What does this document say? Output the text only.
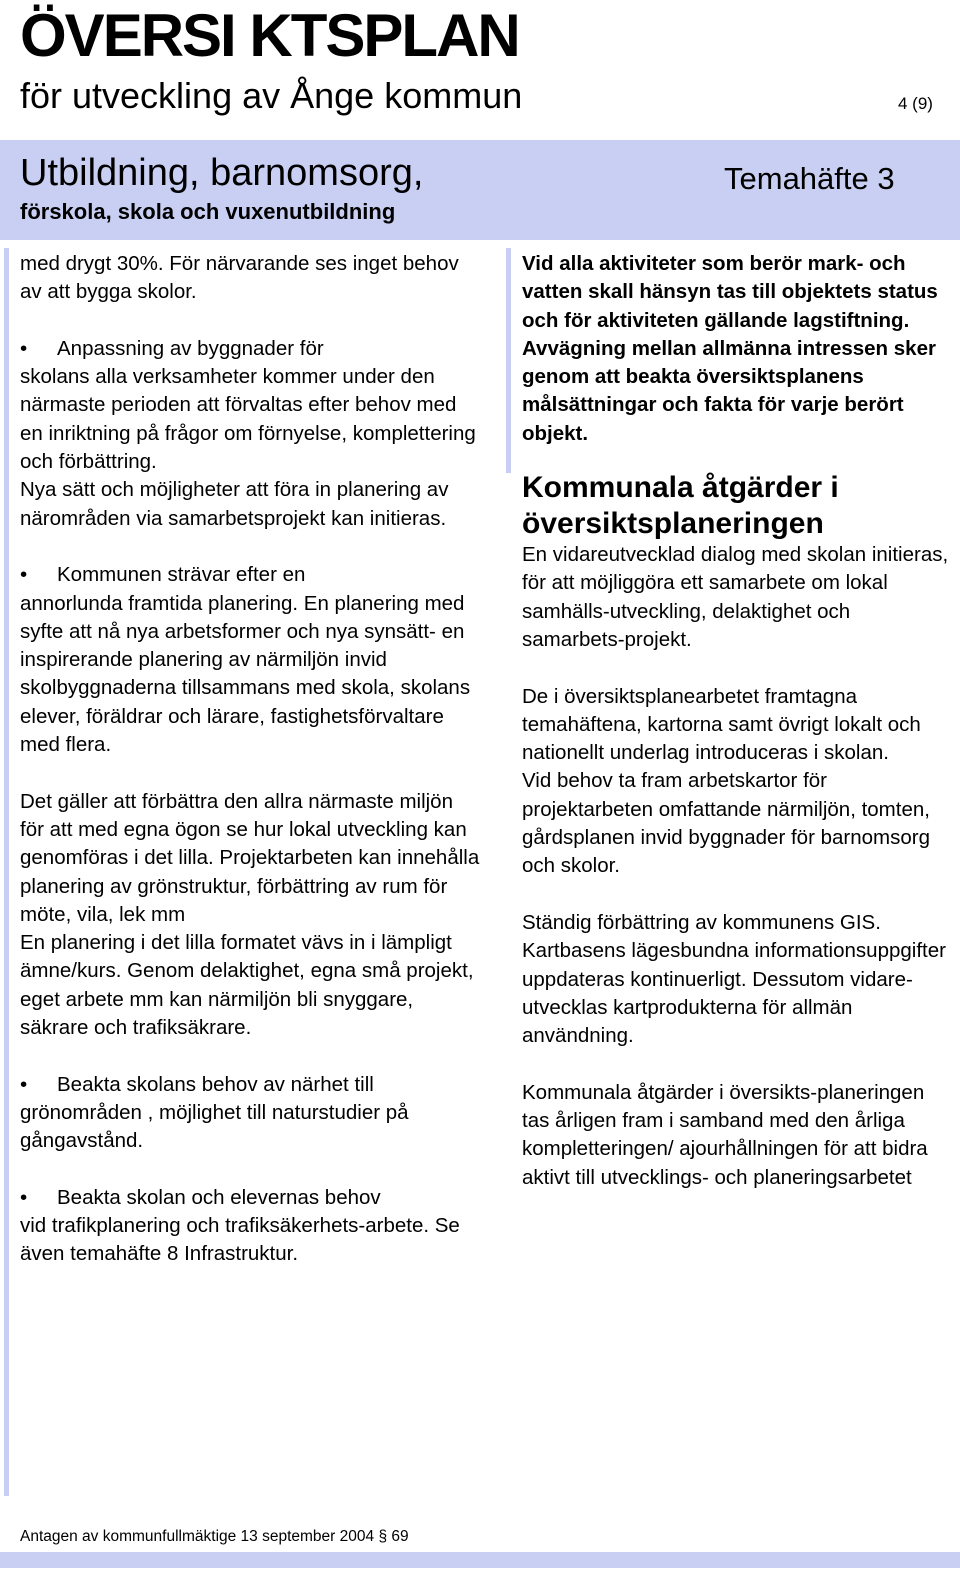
ÖVERSI KTSPLAN
för utveckling av Ånge kommun	4 (9)
Utbildning, barnomsorg,	Temahäfte 3
förskola, skola och vuxenutbildning

med drygt 30%. För närvarande ses inget behov av att bygga skolor.

• Anpassning av byggnader för

skolans alla verksamheter kommer under den närmaste perioden att förvaltas efter behov med en inriktning på frågor om förnyelse, komplettering och förbättring.

Nya sätt och möjligheter att föra in planering av närområden via samarbetsprojekt kan initieras.

• Kommunen strävar efter en

annorlunda framtida planering. En planering med syfte att nå nya arbetsformer och nya synsätt- en inspirerande planering av närmiljön invid skolbyggnaderna tillsammans med skola, skolans elever, föräldrar och lärare, fastighetsförvaltare med flera.

Det gäller att förbättra den allra närmaste miljön för att med egna ögon se hur lokal utveckling kan genomföras i det lilla. Projektarbeten kan innehålla planering av grönstruktur, förbättring av rum för möte, vila, lek mm

En planering i det lilla formatet vävs in i lämpligt ämne/kurs. Genom delaktighet, egna små projekt, eget arbete mm kan närmiljön bli snyggare, säkrare och trafiksäkrare.

• Beakta skolans behov av närhet till

grönområden , möjlighet till naturstudier på gångavstånd.

• Beakta skolan och elevernas behov

vid trafikplanering och trafiksäkerhets-arbete. Se även temahäfte 8 Infrastruktur.

Vid alla aktiviteter som berör mark- och vatten skall hänsyn tas till objektets status och för aktiviteten gällande lagstiftning.

Avvägning mellan allmänna intressen sker genom att beakta översiktsplanens målsättningar och fakta för varje berört objekt.

Kommunala åtgärder i översiktsplaneringen

En vidareutvecklad dialog med skolan initieras, för att möjliggöra ett samarbete om lokal samhälls-utveckling, delaktighet och samarbets-projekt.

De i översiktsplanearbetet framtagna temahäftena, kartorna samt övrigt lokalt och nationellt underlag introduceras i skolan.

Vid behov ta fram arbetskartor för projektarbeten omfattande närmiljön, tomten, gårdsplanen invid byggnader för barnomsorg och skolor.

Ständig förbättring av kommunens GIS. Kartbasens lägesbundna informationsuppgifter uppdateras kontinuerligt. Dessutom vidare-utvecklas kartprodukterna för allmän användning.

Kommunala åtgärder i översikts-planeringen tas årligen fram i samband med den årliga kompletteringen/ ajourhållningen för att bidra aktivt till utvecklings- och planeringsarbetet

Antagen av kommunfullmäktige 13 september 2004 § 69
